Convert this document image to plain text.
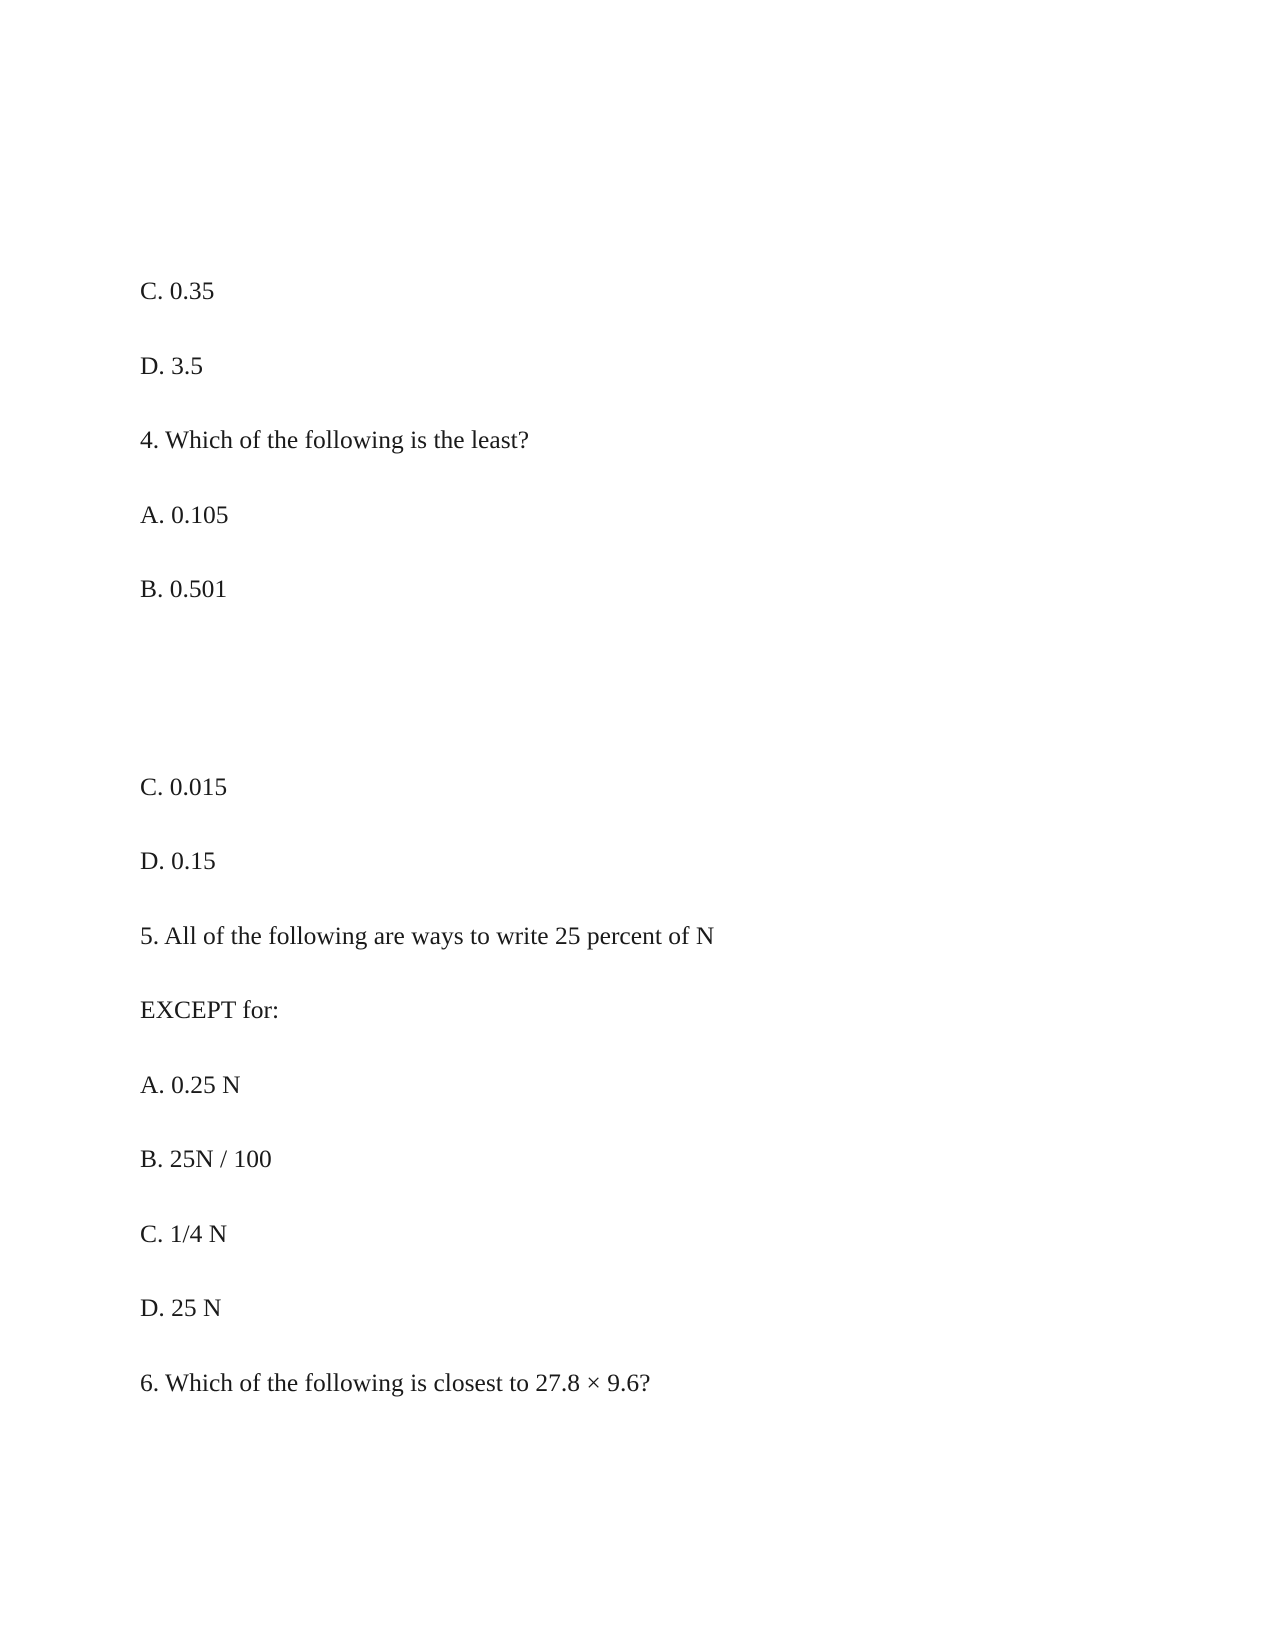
C. 0.35

D. 3.5

4. Which of the following is the least?

A. 0.105

B. 0.501

C. 0.015

D. 0.15

5. All of the following are ways to write 25 percent of N

EXCEPT for:

A. 0.25 N

B. 25N / 100

C. 1/4 N

D. 25 N

6. Which of the following is closest to 27.8 × 9.6?
